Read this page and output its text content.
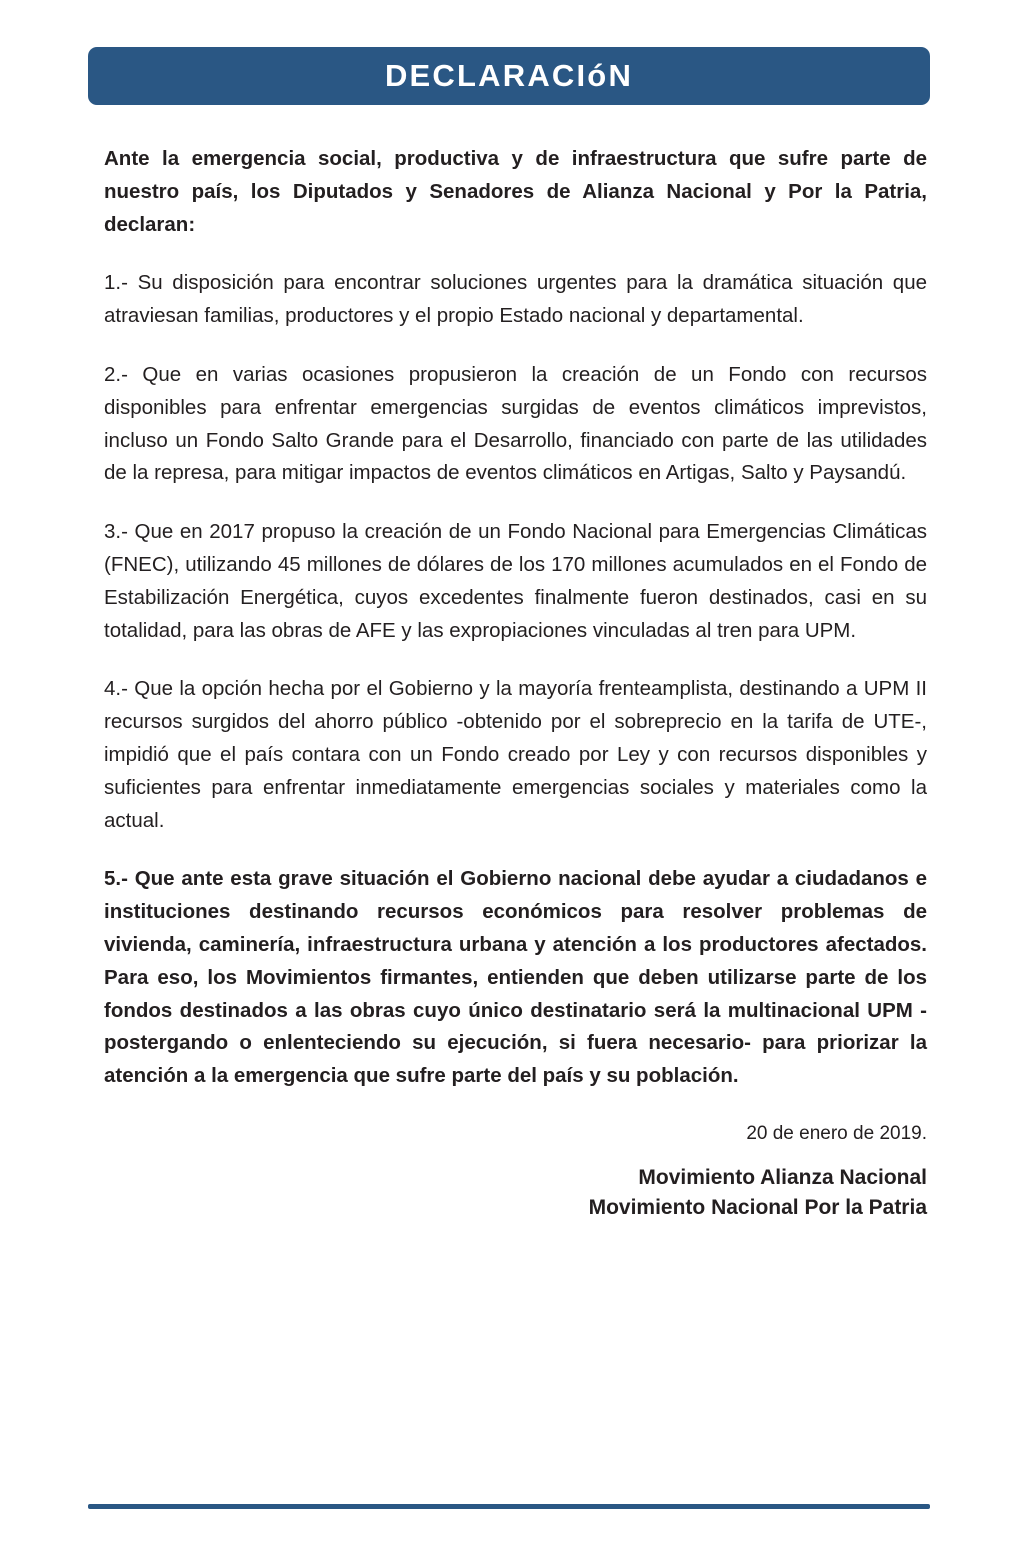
DECLARACIóN

Ante la emergencia social, productiva y de infraestructura que sufre parte de nuestro país, los Diputados y Senadores de Alianza Nacional y Por la Patria, declaran:

1.- Su disposición para encontrar soluciones urgentes para la dramática situación que atraviesan familias, productores y el propio Estado nacional y departamental.

2.- Que en varias ocasiones propusieron la creación de un Fondo con recursos disponibles para enfrentar emergencias surgidas de eventos climáticos imprevistos, incluso un Fondo Salto Grande para el Desarrollo, financiado con parte de las utilidades de la represa, para mitigar impactos de eventos climáticos en Artigas, Salto y Paysandú.

3.- Que en 2017 propuso la creación de un Fondo Nacional para Emergencias Climáticas (FNEC), utilizando 45 millones de dólares de los 170 millones acumulados en el Fondo de Estabilización Energética, cuyos excedentes finalmente fueron destinados, casi en su totalidad, para las obras de AFE y las expropiaciones vinculadas al tren para UPM.

4.- Que la opción hecha por el Gobierno y la mayoría frenteamplista, destinando a UPM II recursos surgidos del ahorro público -obtenido por el sobreprecio en la tarifa de UTE-, impidió que el país contara con un Fondo creado por Ley y con recursos disponibles y suficientes para enfrentar inmediatamente emergencias sociales y materiales como la actual.

5.- Que ante esta grave situación el Gobierno nacional debe ayudar a ciudadanos e instituciones destinando recursos económicos para resolver problemas de vivienda, caminería, infraestructura urbana y atención a los productores afectados. Para eso, los Movimientos firmantes, entienden que deben utilizarse parte de los fondos destinados a las obras cuyo único destinatario será la multinacional UPM -postergando o enlenteciendo su ejecución, si fuera necesario- para priorizar la atención a la emergencia que sufre parte del país y su población.

20 de enero de 2019.
Movimiento Alianza Nacional
Movimiento Nacional Por la Patria
